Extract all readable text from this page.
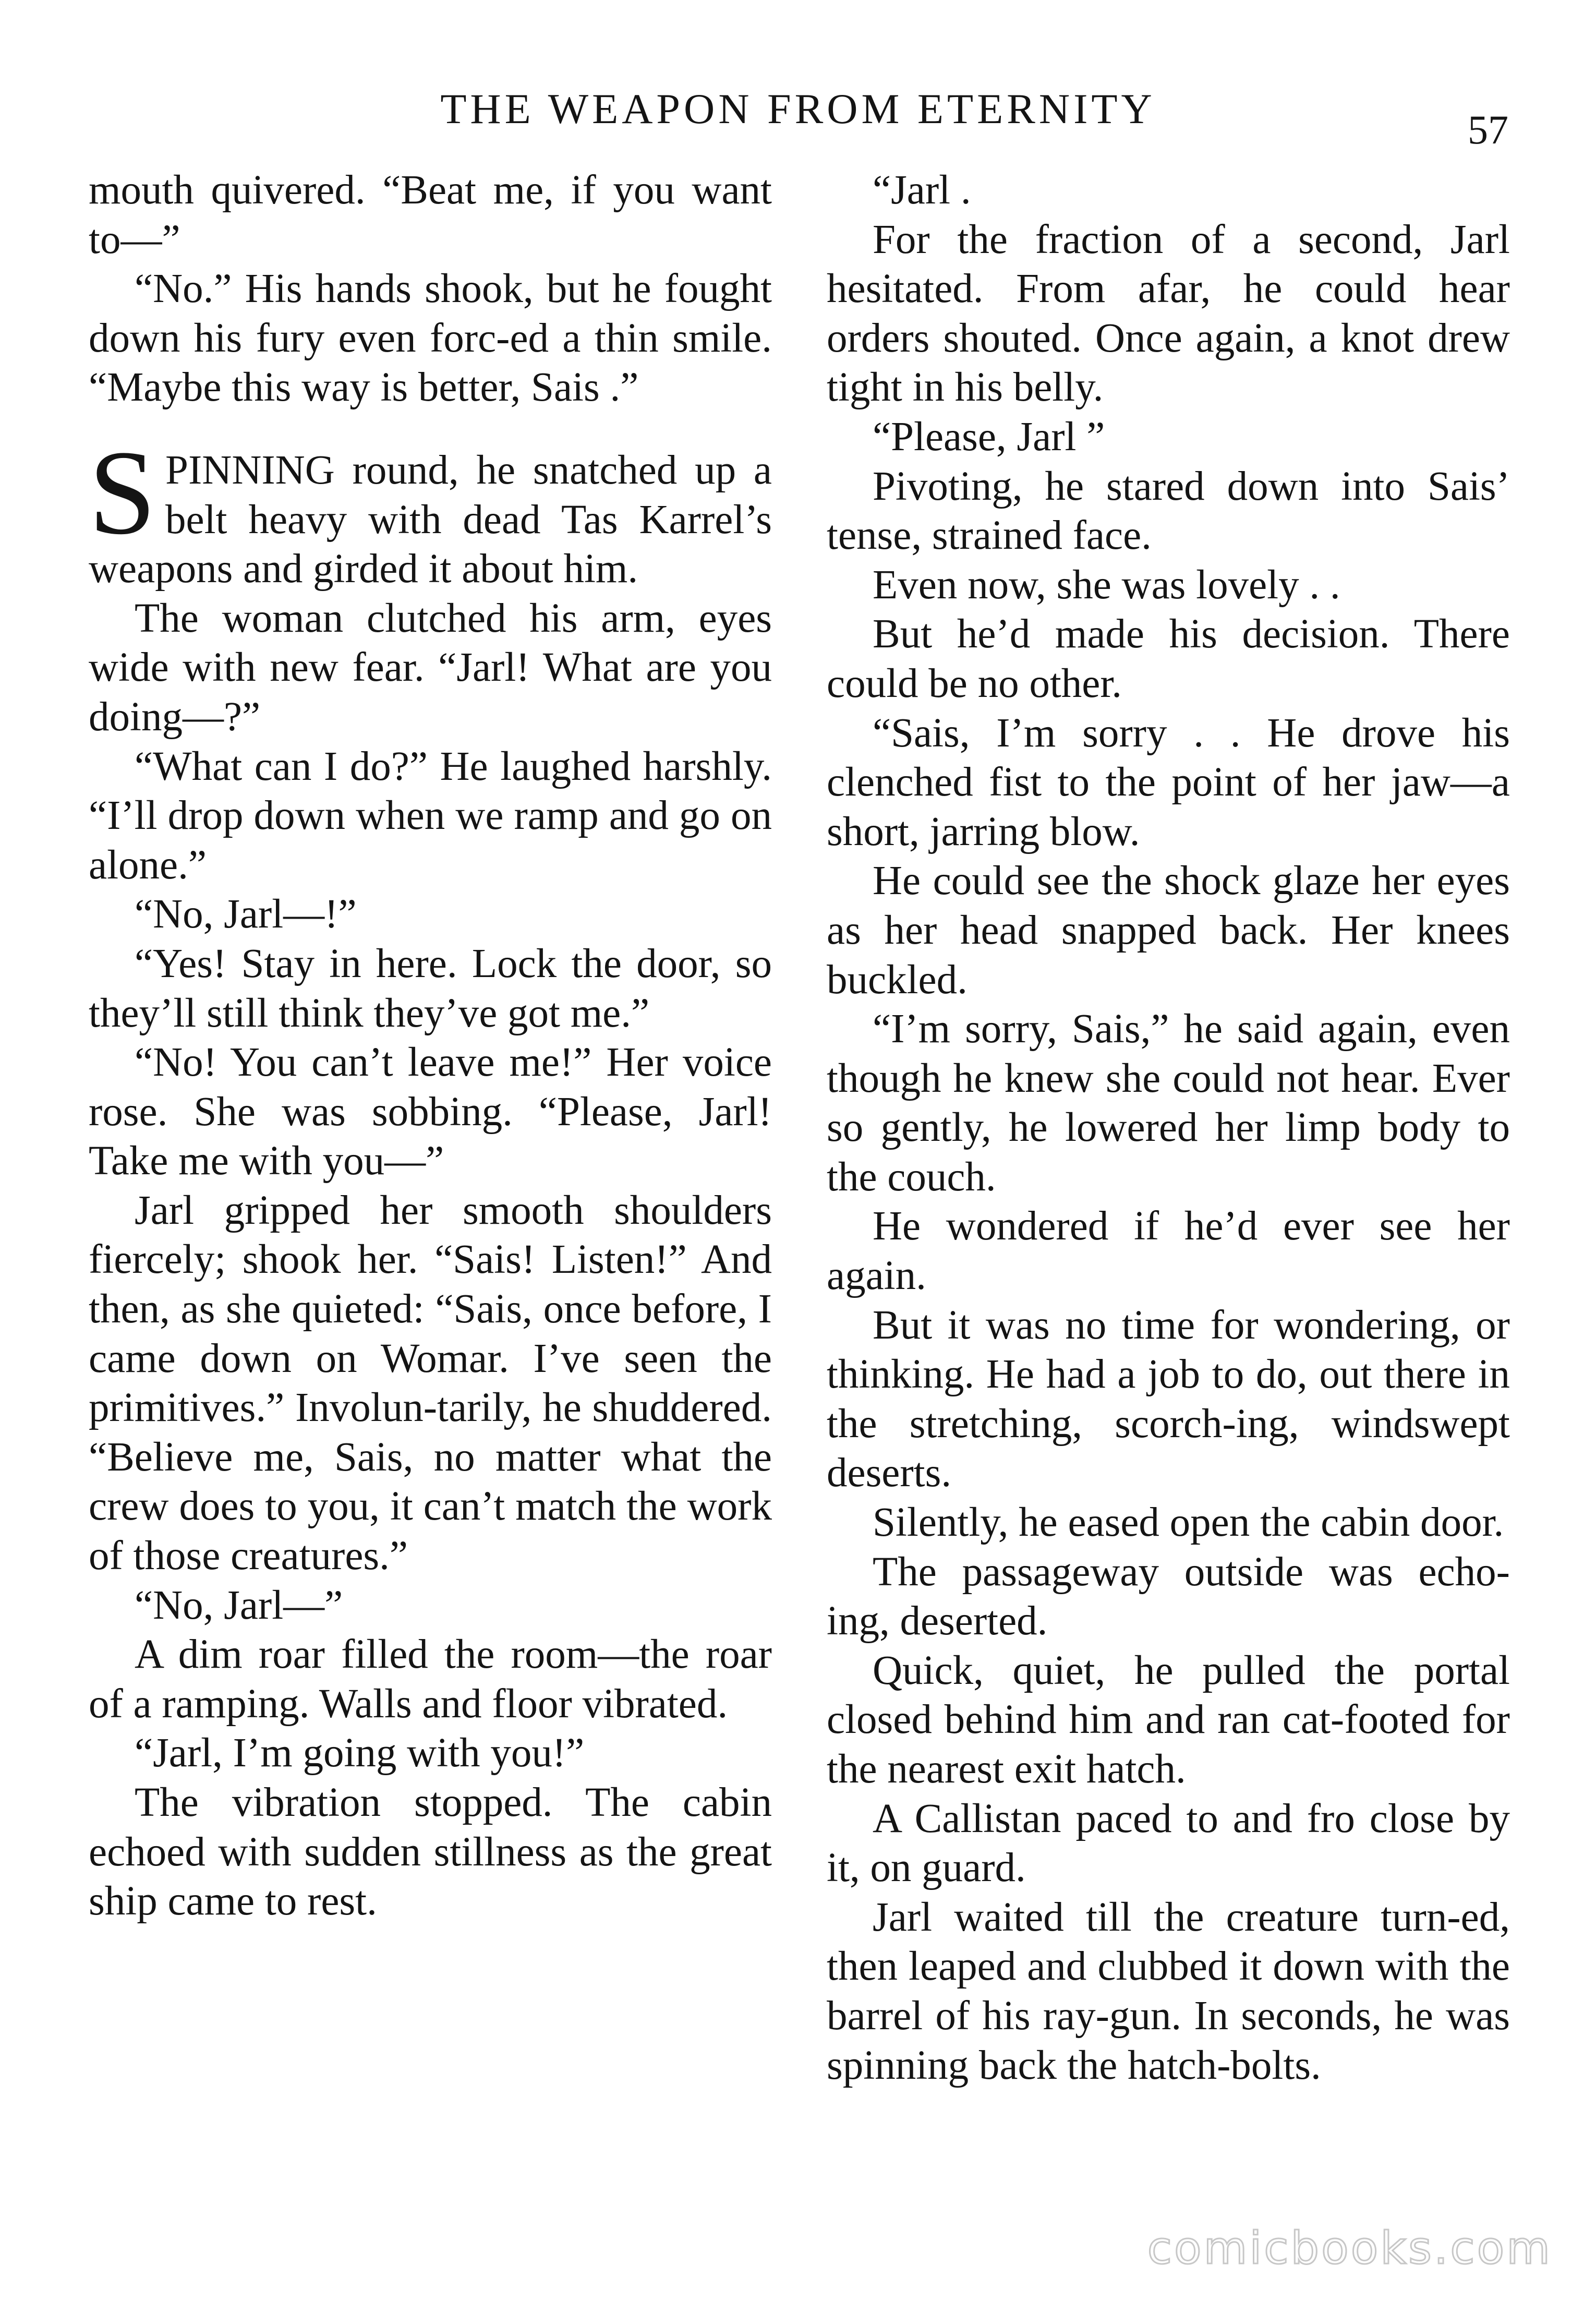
THE WEAPON FROM ETERNITY	57

mouth quivered. “Beat me, if you want to—”

“No.” His hands shook, but he fought down his fury even forc-ed a thin smile. “Maybe this way is better, Sais .”

SPINNING round, he snatched up a belt heavy with dead Tas Karrel’s weapons and girded it about him.

The woman clutched his arm, eyes wide with new fear. “Jarl! What are you doing—?”

“What can I do?” He laughed harshly. “I’ll drop down when we ramp and go on alone.”

“No, Jarl—!”

“Yes! Stay in here. Lock the door, so they’ll still think they’ve got me.”

“No! You can’t leave me!” Her voice rose. She was sobbing. “Please, Jarl! Take me with you—”

Jarl gripped her smooth shoulders fiercely; shook her. “Sais! Listen!” And then, as she quieted: “Sais, once before, I came down on Womar. I’ve seen the primitives.” Involun-tarily, he shuddered. “Believe me, Sais, no matter what the crew does to you, it can’t match the work of those creatures.”

“No, Jarl—”

A dim roar filled the room—the roar of a ramping. Walls and floor vibrated.

“Jarl, I’m going with you!”

The vibration stopped. The cabin echoed with sudden stillness as the great ship came to rest.

“Jarl .

For the fraction of a second, Jarl hesitated. From afar, he could hear orders shouted. Once again, a knot drew tight in his belly.

“Please, Jarl ”

Pivoting, he stared down into Sais’ tense, strained face.

Even now, she was lovely . .

But he’d made his decision. There could be no other.

“Sais, I’m sorry . . He drove his clenched fist to the point of her jaw—a short, jarring blow.

He could see the shock glaze her eyes as her head snapped back. Her knees buckled.

“I’m sorry, Sais,” he said again, even though he knew she could not hear. Ever so gently, he lowered her limp body to the couch.

He wondered if he’d ever see her again.

But it was no time for wondering, or thinking. He had a job to do, out there in the stretching, scorch-ing, windswept deserts.

Silently, he eased open the cabin door.

The passageway outside was echo-ing, deserted.

Quick, quiet, he pulled the portal closed behind him and ran cat-footed for the nearest exit hatch.

A Callistan paced to and fro close by it, on guard.

Jarl waited till the creature turn-ed, then leaped and clubbed it down with the barrel of his ray-gun. In seconds, he was spinning back the hatch-bolts.

comicbooks.com
